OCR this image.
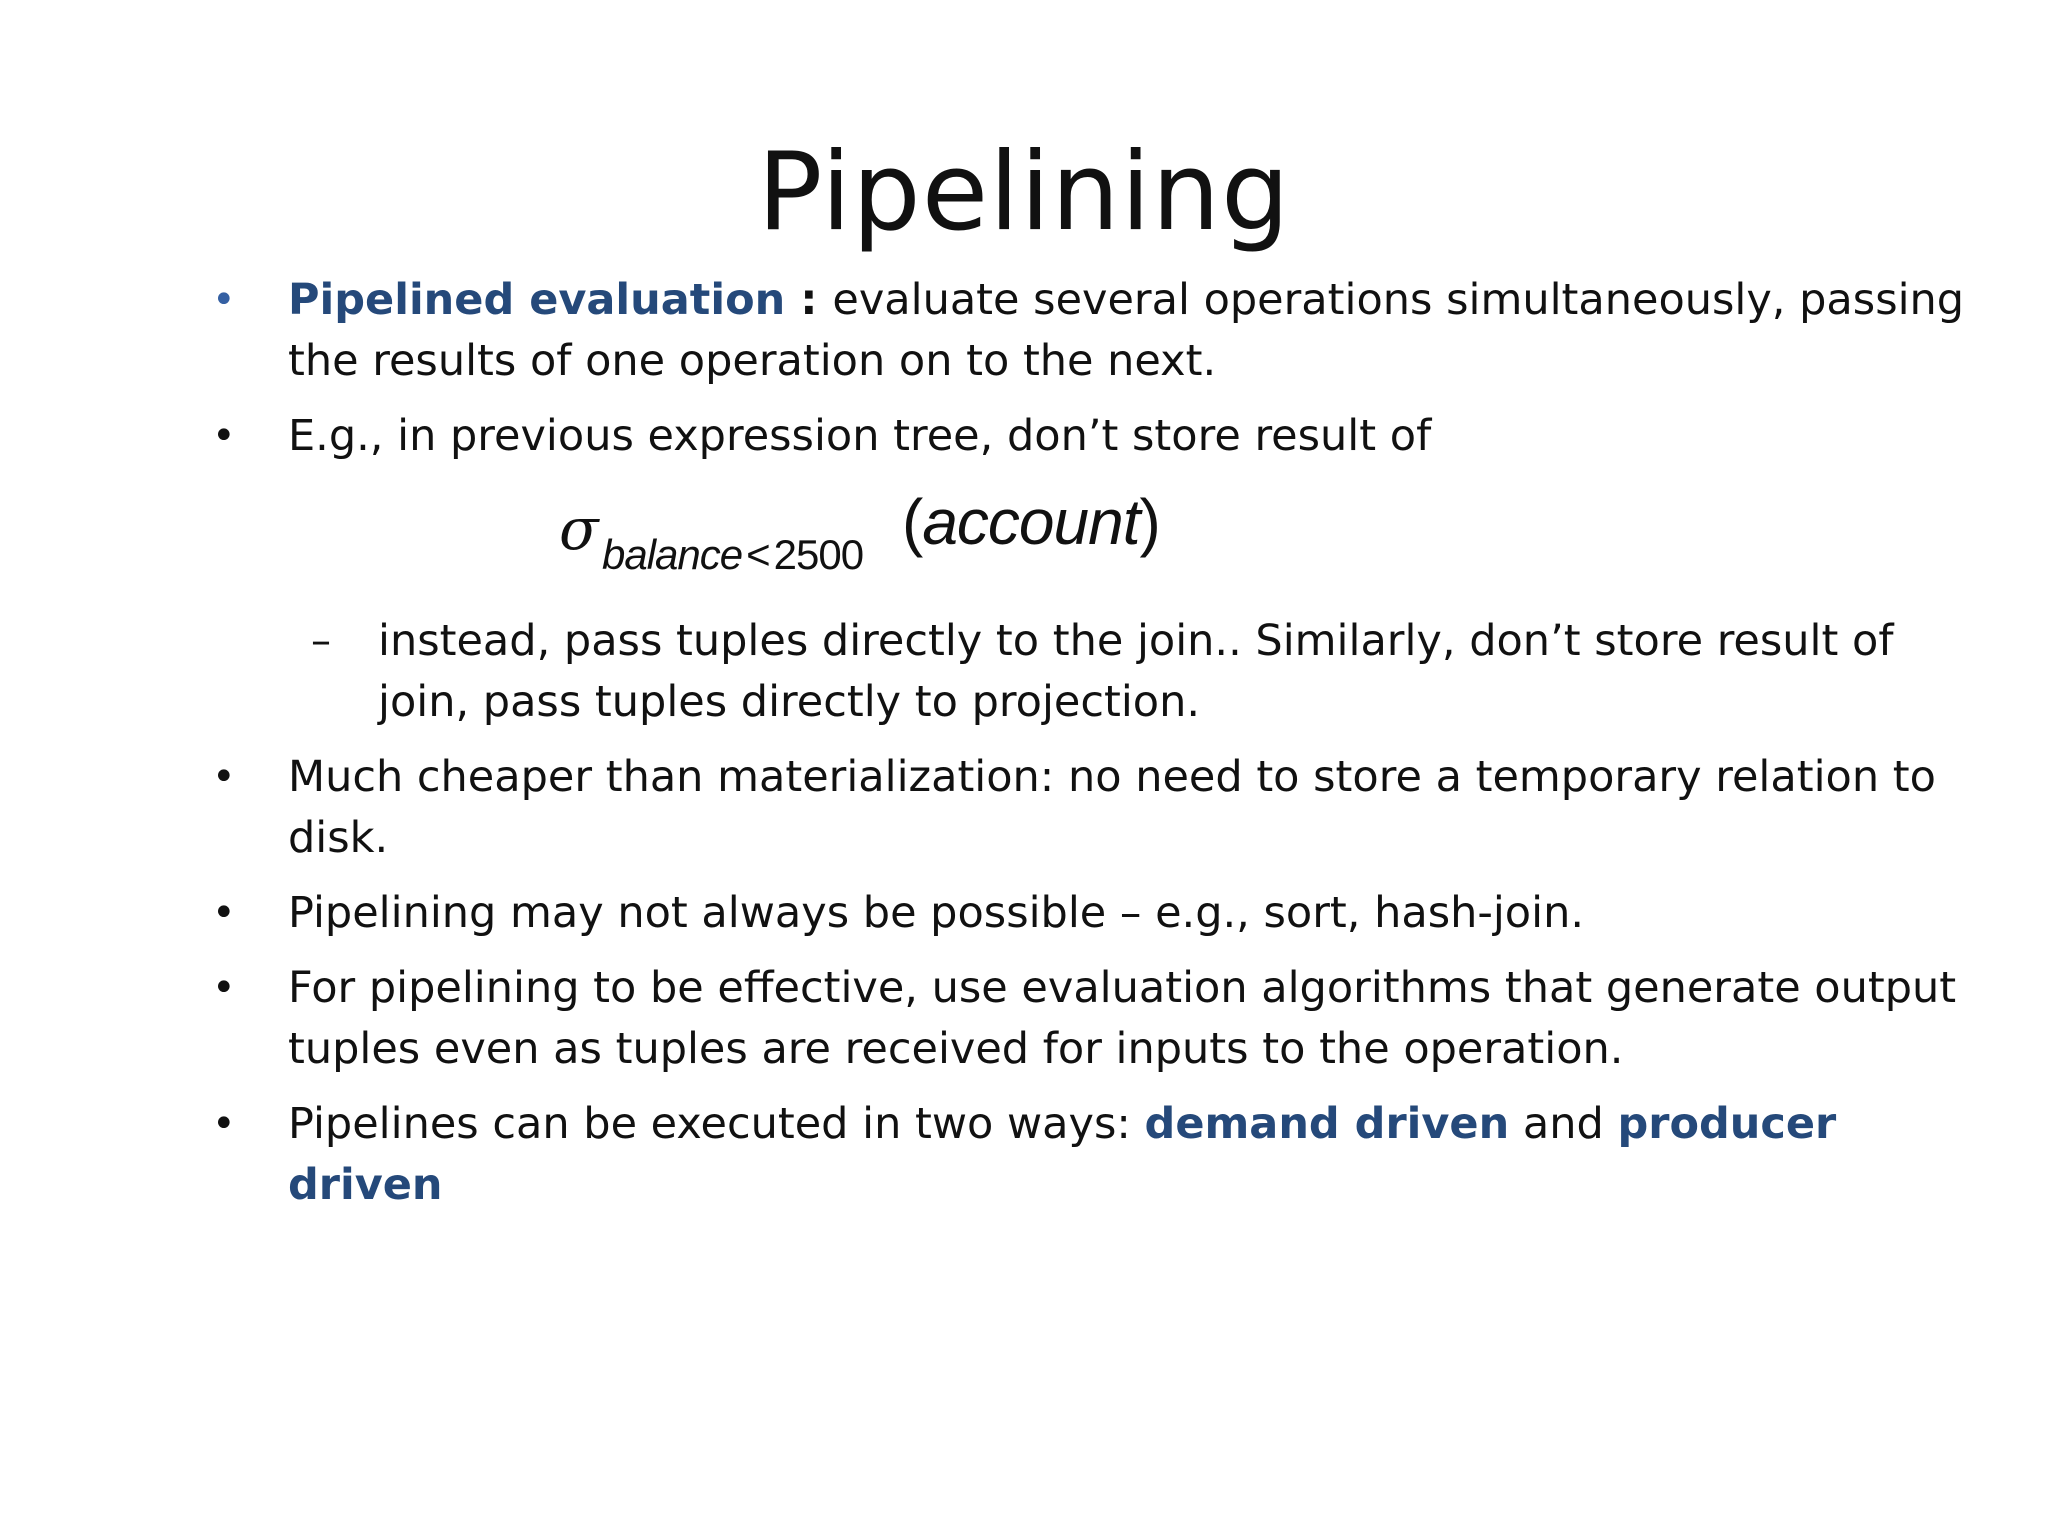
Pipelining
• Pipelined evaluation : evaluate several operations simultaneously, passing the results of one operation on to the next.
• E.g., in previous expression tree, don’t store result of
σ balance<2500 (account)
– instead, pass tuples directly to the join.. Similarly, don’t store result of join, pass tuples directly to projection.
• Much cheaper than materialization: no need to store a temporary relation to disk.
• Pipelining may not always be possible – e.g., sort, hash-join.
• For pipelining to be effective, use evaluation algorithms that generate output tuples even as tuples are received for inputs to the operation.
• Pipelines can be executed in two ways: demand driven and producer driven
